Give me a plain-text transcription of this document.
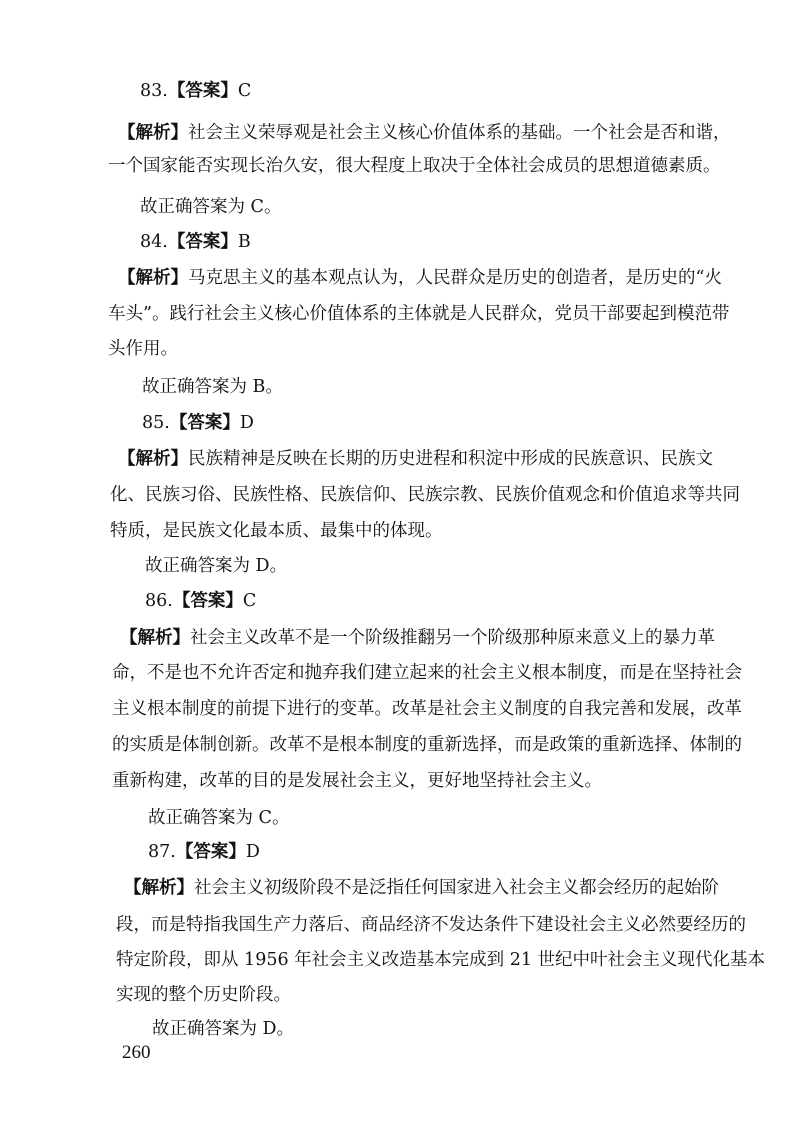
83.【答案】C
【解析】社会主义荣辱观是社会主义核心价值体系的基础。一个社会是否和谐，
一个国家能否实现长治久安，很大程度上取决于全体社会成员的思想道德素质。
故正确答案为 C。
84.【答案】B
【解析】马克思主义的基本观点认为，人民群众是历史的创造者，是历史的“火
车头”。践行社会主义核心价值体系的主体就是人民群众，党员干部要起到模范带
头作用。
故正确答案为 B。
85.【答案】D
【解析】民族精神是反映在长期的历史进程和积淀中形成的民族意识、民族文
化、民族习俗、民族性格、民族信仰、民族宗教、民族价值观念和价值追求等共同
特质，是民族文化最本质、最集中的体现。
故正确答案为 D。
86.【答案】C
【解析】社会主义改革不是一个阶级推翻另一个阶级那种原来意义上的暴力革
命，不是也不允许否定和抛弃我们建立起来的社会主义根本制度，而是在坚持社会
主义根本制度的前提下进行的变革。改革是社会主义制度的自我完善和发展，改革
的实质是体制创新。改革不是根本制度的重新选择，而是政策的重新选择、体制的
重新构建，改革的目的是发展社会主义，更好地坚持社会主义。
故正确答案为 C。
87.【答案】D
【解析】社会主义初级阶段不是泛指任何国家进入社会主义都会经历的起始阶
段，而是特指我国生产力落后、商品经济不发达条件下建设社会主义必然要经历的
特定阶段，即从 1956 年社会主义改造基本完成到 21 世纪中叶社会主义现代化基本
实现的整个历史阶段。
故正确答案为 D。
260
